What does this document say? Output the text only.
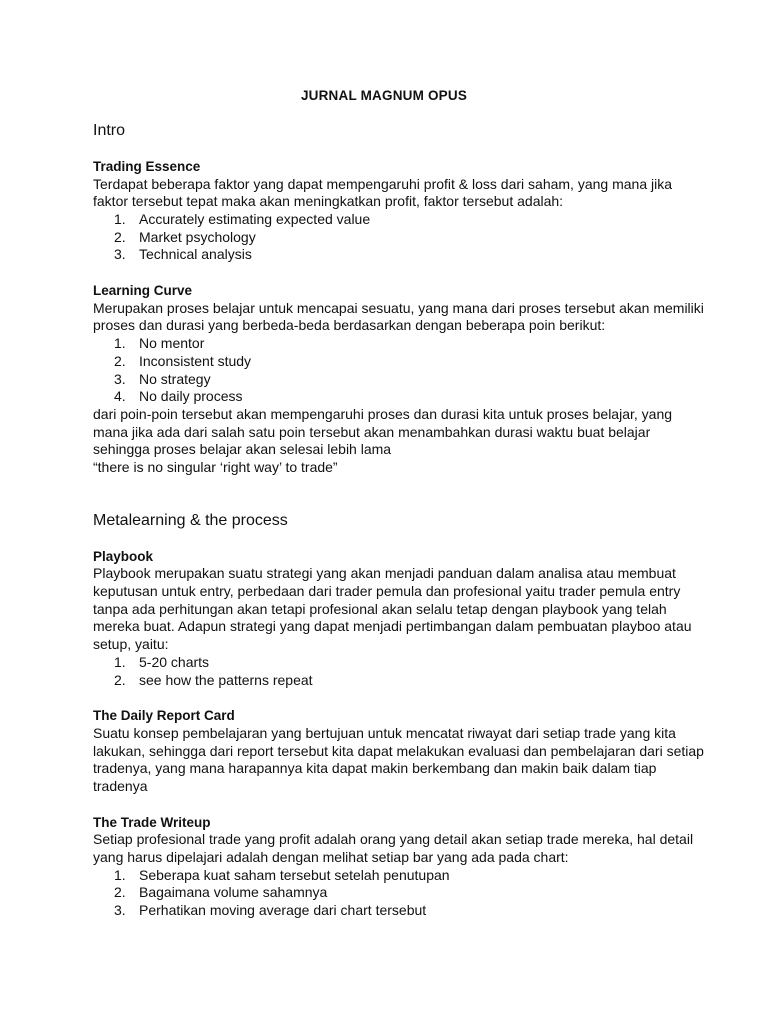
JURNAL MAGNUM OPUS
Intro
Trading Essence

Terdapat beberapa faktor yang dapat mempengaruhi profit & loss dari saham, yang mana jika faktor tersebut tepat maka akan meningkatkan profit, faktor tersebut adalah:

1. Accurately estimating expected value
2. Market psychology
3. Technical analysis
Learning Curve

Merupakan proses belajar untuk mencapai sesuatu, yang mana dari proses tersebut akan memiliki proses dan durasi yang berbeda-beda berdasarkan dengan beberapa poin berikut:

1. No mentor
2. Inconsistent study
3. No strategy
4. No daily process

dari poin-poin tersebut akan mempengaruhi proses dan durasi kita untuk proses belajar, yang mana jika ada dari salah satu poin tersebut akan menambahkan durasi waktu buat belajar sehingga proses belajar akan selesai lebih lama

“there is no singular ‘right way’ to trade”

Metalearning & the process
Playbook

Playbook merupakan suatu strategi yang akan menjadi panduan dalam analisa atau membuat keputusan untuk entry, perbedaan dari trader pemula dan profesional yaitu trader pemula entry tanpa ada perhitungan akan tetapi profesional akan selalu tetap dengan playbook yang telah mereka buat. Adapun strategi yang dapat menjadi pertimbangan dalam pembuatan playboo atau setup, yaitu:

1. 5-20 charts
2. see how the patterns repeat
The Daily Report Card

Suatu konsep pembelajaran yang bertujuan untuk mencatat riwayat dari setiap trade yang kita lakukan, sehingga dari report tersebut kita dapat melakukan evaluasi dan pembelajaran dari setiap tradenya, yang mana harapannya kita dapat makin berkembang dan makin baik dalam tiap tradenya

The Trade Writeup

Setiap profesional trade yang profit adalah orang yang detail akan setiap trade mereka, hal detail yang harus dipelajari adalah dengan melihat setiap bar yang ada pada chart:

1. Seberapa kuat saham tersebut setelah penutupan
2. Bagaimana volume sahamnya
3. Perhatikan moving average dari chart tersebut
